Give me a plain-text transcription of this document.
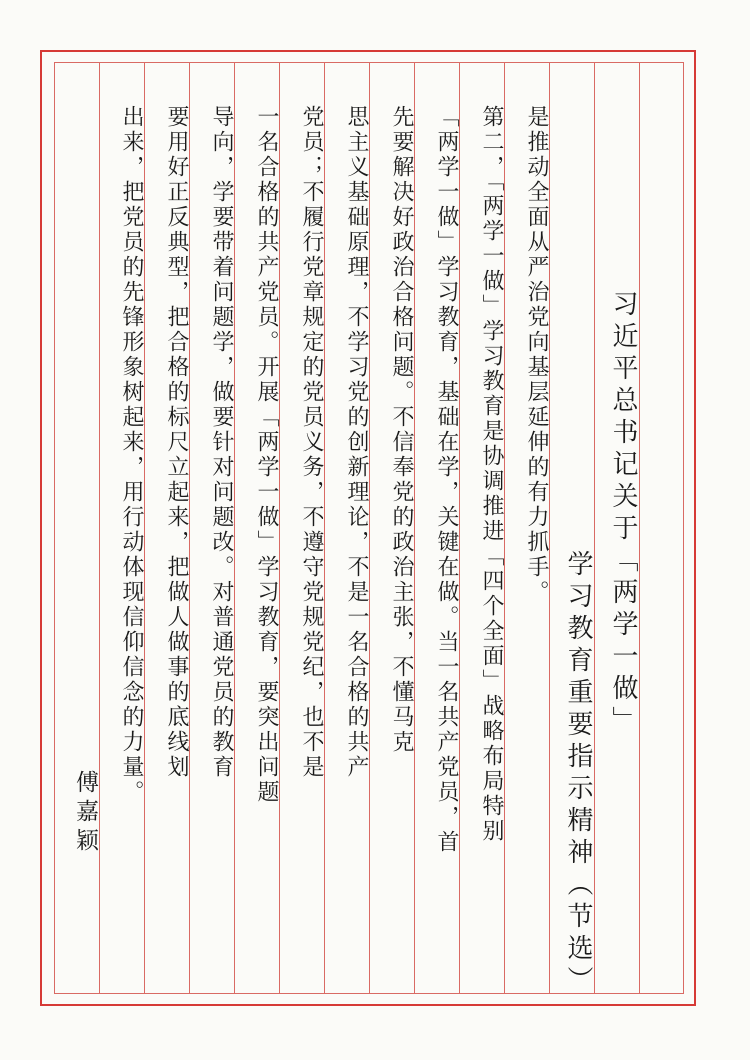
习近平总书记关于「两学一做」
学习教育重要指示精神（节选）
是推动全面从严治党向基层延伸的有力抓手。
第二，「两学一做」学习教育是协调推进「四个全面」战略布局特别
先要解决好政治合格问题。不信奉党的政治主张，不懂马克 「两学一做」学习教育，基础在学，关键在做。当一名共产党员，首
思主义基础原理，不学习党的创新理论，不是一名合格的共产
党员；不履行党章规定的党员义务，不遵守党规党纪，也不是
一名合格的共产党员。开展「两学一做」学习教育，要突出问题
导向，学要带着问题学，做要针对问题改。对普通党员的教育
要用好正反典型，把合格的标尺立起来，把做人做事的底线划
出来，把党员的先锋形象树起来，用行动体现信仰信念的力量。
傅嘉颖
